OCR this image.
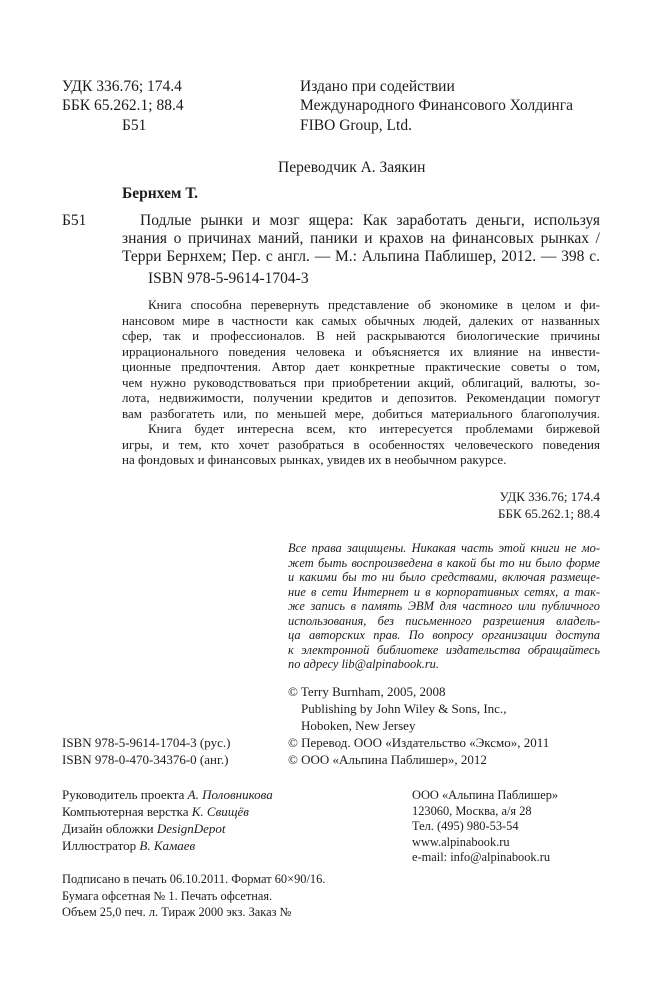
УДК 336.76; 174.4
ББК 65.262.1; 88.4
Б51
Издано при содействии
Международного Финансового Холдинга
FIBO Group, Ltd.
Переводчик А. Заякин
Бернхем Т.
Б51	Подлые рынки и мозг ящера: Как заработать деньги, используя
знания о причинах маний, паники и крахов на финансовых рынках /
Терри Бернхем; Пер. с англ. — М.: Альпина Паблишер, 2012. — 398 с.
ISBN 978-5-9614-1704-3
Книга способна перевернуть представление об экономике в целом и фи-
нансовом мире в частности как самых обычных людей, далеких от названных
сфер, так и профессионалов. В ней раскрываются биологические причины
иррационального поведения человека и объясняется их влияние на инвести-
ционные предпочтения. Автор дает конкретные практические советы о том,
чем нужно руководствоваться при приобретении акций, облигаций, валюты, зо-
лота, недвижимости, получении кредитов и депозитов. Рекомендации помогут
вам разбогатеть или, по меньшей мере, добиться материального благополучия.
Книга будет интересна всем, кто интересуется проблемами биржевой
игры, и тем, кто хочет разобраться в особенностях человеческого поведения
на фондовых и финансовых рынках, увидев их в необычном ракурсе.
УДК 336.76; 174.4
ББК 65.262.1; 88.4
Все права защищены. Никакая часть этой книги не мо-
жет быть воспроизведена в какой бы то ни было форме
и какими бы то ни было средствами, включая размеще-
ние в сети Интернет и в корпоративных сетях, а так-
же запись в память ЭВМ для частного или публичного
использования, без письменного разрешения владель-
ца авторских прав. По вопросу организации доступа
к электронной библиотеке издательства обращайтесь
по адресу lib@alpinabook.ru.
© Terry Burnham, 2005, 2008
Publishing by John Wiley & Sons, Inc.,
Hoboken, New Jersey
© Перевод. ООО «Издательство «Эксмо», 2011
© ООО «Альпина Паблишер», 2012
ISBN 978-5-9614-1704-3 (рус.)
ISBN 978-0-470-34376-0 (анг.)
Руководитель проекта А. Половникова
Компьютерная верстка К. Свищёв
Дизайн обложки DesignDepot
Иллюстратор В. Камаев
ООО «Альпина Паблишер»
123060, Москва, а/я 28
Тел. (495) 980-53-54
www.alpinabook.ru
e-mail: info@alpinabook.ru
Подписано в печать 06.10.2011. Формат 60×90/16.
Бумага офсетная № 1. Печать офсетная.
Объем 25,0 печ. л. Тираж 2000 экз. Заказ №
